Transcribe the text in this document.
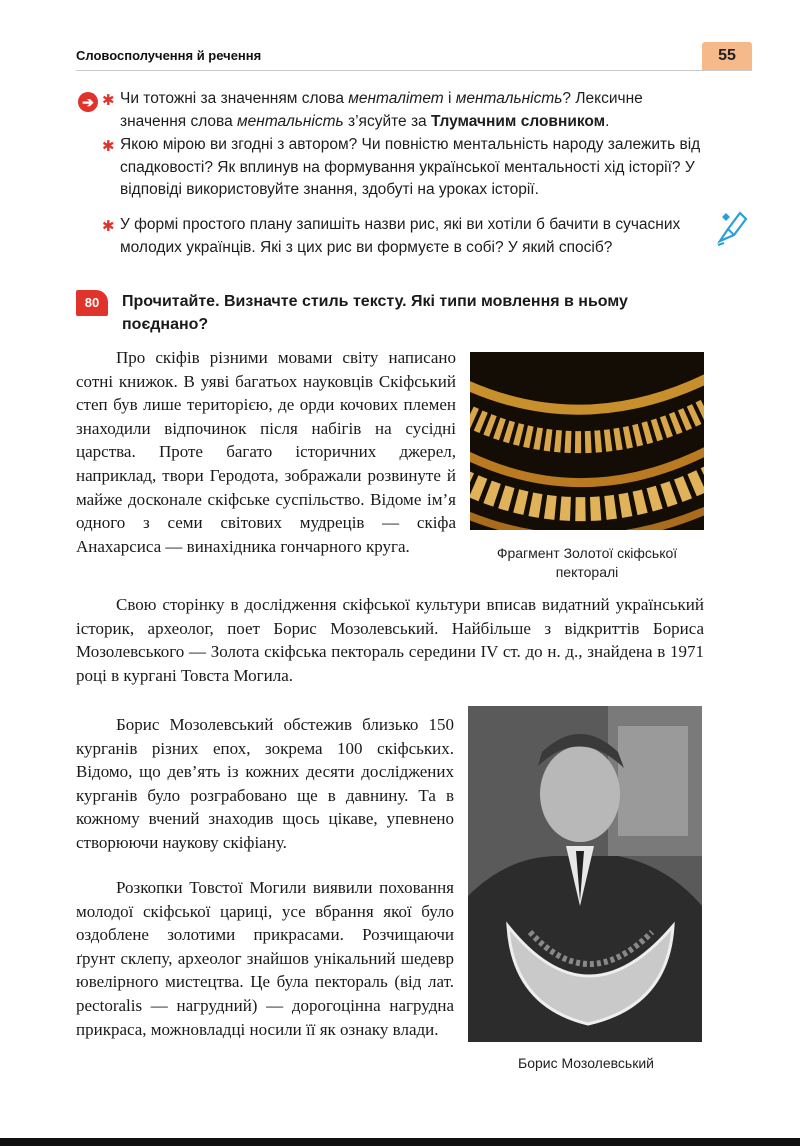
Словосполучення й речення	55
➔ ✱ Чи тотожні за значенням слова менталітет і ментальність? Лексичне значення слова ментальність з’ясуйте за Тлумачним словником.
✱ Якою мірою ви згодні з автором? Чи повністю ментальність народу залежить від спадковості? Як вплинув на формування української ментальності хід історії? У відповіді використовуйте знання, здобуті на уроках історії.
✱ У формі простого плану запишіть назви рис, які ви хотіли б бачити в сучасних молодих українців. Які з цих рис ви формуєте в собі? У який спосіб?
80	Прочитайте. Визначте стиль тексту. Які типи мовлення в ньому поєднано?
Про скіфів різними мовами світу написано сотні книжок. В уяві багатьох науковців Скіфський степ був лише територією, де орди кочових племен знаходили відпочинок після набігів на сусідні царства. Проте багато історичних джерел, наприклад, твори Геродота, зображали розвинуте й майже досконале скіфське суспільство. Відоме ім’я одного з семи світових мудреців — скіфа Анахарсиса — винахідника гончарного круга.	Фрагмент Золотої скіфської пекторалі
Свою сторінку в дослідження скіфської культури вписав видатний український історик, археолог, поет Борис Мозолевський. Найбільше з відкриттів Бориса Мозолевського — Золота скіфська пектораль середини IV ст. до н. д., знайдена в 1971 році в кургані Товста Могила.
Борис Мозолевський
Борис Мозолевський обстежив близько 150 курганів різних епох, зокрема 100 скіфських. Відомо, що дев’ять із кожних десяти досліджених курганів було розграбовано ще в давнину. Та в кожному вчений знаходив щось цікаве, упевнено створюючи наукову скіфіану.
Розкопки Товстої Могили виявили поховання молодої скіфської цариці, усе вбрання якої було оздоблене золотими прикрасами. Розчищаючи ґрунт склепу, археолог знайшов унікальний шедевр ювелірного мистецтва. Це була пектораль (від лат. pectoralis — нагрудний) — дорогоцінна нагрудна прикраса, можновладці носили її як ознаку влади.
